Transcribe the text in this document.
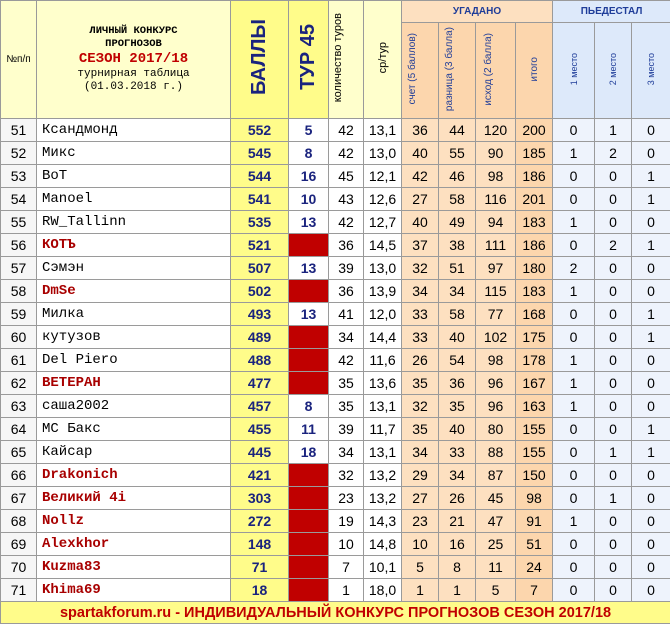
№п/п	ЛИЧНЫЙ КОНКУРС
ПРОГНОЗОВ
СЕЗОН 2017/18
турнирная таблица
(01.03.2018 г.)	БАЛЛЫ	ТУР 45	количество туров	ср/тур	УГАДАНО				ПЬЕДЕСТАЛ		
						счет (5 баллов)	разница (3 балла)	исход (2 балла)	итого	1 место	2 место	3 место
51	Ксандмонд	552	5	42	13,1	36	44	120	200	0	1	0
52	Микс	545	8	42	13,0	40	55	90	185	1	2	0
53	BoT	544	16	45	12,1	42	46	98	186	0	0	1
54	Manoel	541	10	43	12,6	27	58	116	201	0	0	1
55	RW_Tallinn	535	13	42	12,7	40	49	94	183	1	0	0
56	КОТЪ	521		36	14,5	37	38	111	186	0	2	1
57	Сэмэн	507	13	39	13,0	32	51	97	180	2	0	0
58	DmSe	502		36	13,9	34	34	115	183	1	0	0
59	Милка	493	13	41	12,0	33	58	77	168	0	0	1
60	кутузов	489		34	14,4	33	40	102	175	0	0	1
61	Del Piero	488		42	11,6	26	54	98	178	1	0	0
62	ВЕТЕРАН	477		35	13,6	35	36	96	167	1	0	0
63	саша2002	457	8	35	13,1	32	35	96	163	1	0	0
64	MC Бакс	455	11	39	11,7	35	40	80	155	0	0	1
65	Кайсар	445	18	34	13,1	34	33	88	155	0	1	1
66	Drakonich	421		32	13,2	29	34	87	150	0	0	0
67	Великий 4i	303		23	13,2	27	26	45	98	0	1	0
68	Nollz	272		19	14,3	23	21	47	91	1	0	0
69	Alexkhor	148		10	14,8	10	16	25	51	0	0	0
70	Kuzma83	71		7	10,1	5	8	11	24	0	0	0
71	Khima69	18		1	18,0	1	1	5	7	0	0	0
spartakforum.ru - ИНДИВИДУАЛЬНЫЙ КОНКУРС ПРОГНОЗОВ СЕЗОН 2017/18												
